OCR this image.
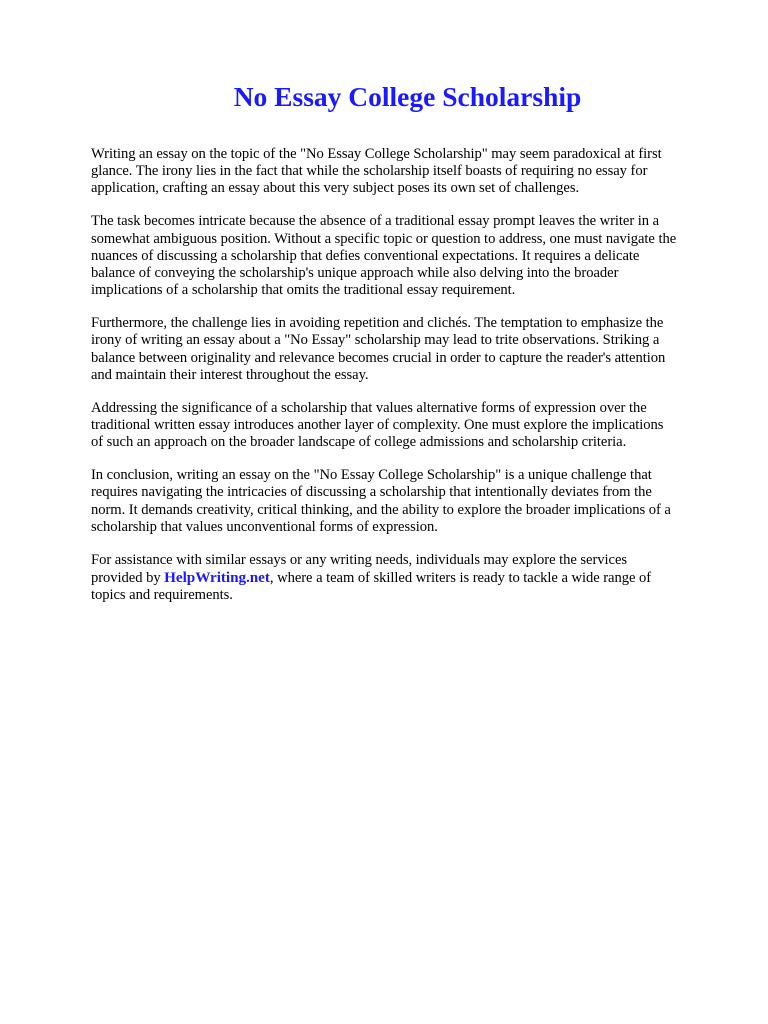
No Essay College Scholarship

Writing an essay on the topic of the "No Essay College Scholarship" may seem paradoxical at first
glance. The irony lies in the fact that while the scholarship itself boasts of requiring no essay for
application, crafting an essay about this very subject poses its own set of challenges.

The task becomes intricate because the absence of a traditional essay prompt leaves the writer in a
somewhat ambiguous position. Without a specific topic or question to address, one must navigate the
nuances of discussing a scholarship that defies conventional expectations. It requires a delicate
balance of conveying the scholarship's unique approach while also delving into the broader
implications of a scholarship that omits the traditional essay requirement.

Furthermore, the challenge lies in avoiding repetition and clichés. The temptation to emphasize the
irony of writing an essay about a "No Essay" scholarship may lead to trite observations. Striking a
balance between originality and relevance becomes crucial in order to capture the reader's attention
and maintain their interest throughout the essay.

Addressing the significance of a scholarship that values alternative forms of expression over the
traditional written essay introduces another layer of complexity. One must explore the implications
of such an approach on the broader landscape of college admissions and scholarship criteria.

In conclusion, writing an essay on the "No Essay College Scholarship" is a unique challenge that
requires navigating the intricacies of discussing a scholarship that intentionally deviates from the
norm. It demands creativity, critical thinking, and the ability to explore the broader implications of a
scholarship that values unconventional forms of expression.

For assistance with similar essays or any writing needs, individuals may explore the services
provided by HelpWriting.net, where a team of skilled writers is ready to tackle a wide range of
topics and requirements.
